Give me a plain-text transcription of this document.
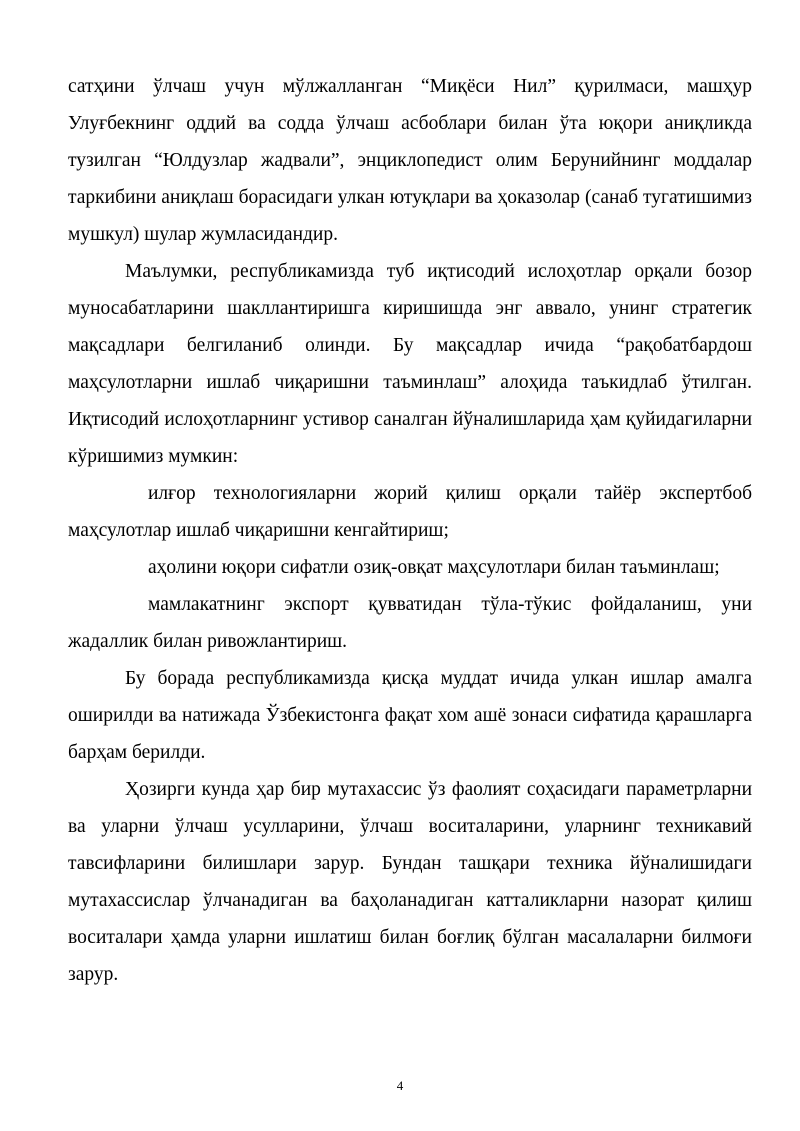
сатҳини ўлчаш учун мўлжалланган “Миқёси Нил” қурилмаси, машҳур Улуғбекнинг оддий ва содда ўлчаш асбоблари билан ўта юқори аниқликда тузилган “Юлдузлар жадвали”, энциклопедист олим Берунийнинг моддалар таркибини аниқлаш борасидаги улкан ютуқлари ва ҳоказолар (санаб тугатишимиз мушкул) шулар жумласидандир.

Маълумки, республикамизда туб иқтисодий ислоҳотлар орқали бозор муносабатларини шакллантиришга киришишда энг аввало, унинг стратегик мақсадлари белгиланиб олинди. Бу мақсадлар ичида “рақобатбардош маҳсулотларни ишлаб чиқаришни таъминлаш” алоҳида таъкидлаб ўтилган. Иқтисодий ислоҳотларнинг устивор саналган йўналишларида ҳам қуйидагиларни кўришимиз мумкин:

илғор технологияларни жорий қилиш орқали тайёр экспертбоб маҳсулотлар ишлаб чиқаришни кенгайтириш;

аҳолини юқори сифатли озиқ-овқат маҳсулотлари билан таъминлаш;

мамлакатнинг экспорт қувватидан тўла-тўкис фойдаланиш, уни жадаллик билан ривожлантириш.

Бу борада республикамизда қисқа муддат ичида улкан ишлар амалга оширилди ва натижада Ўзбекистонга фақат хом ашё зонаси сифатида қарашларга барҳам берилди.

Ҳозирги кунда ҳар бир мутахассис ўз фаолият соҳасидаги параметрларни ва уларни ўлчаш усулларини, ўлчаш воситаларини, уларнинг техникавий тавсифларини билишлари зарур. Бундан ташқари техника йўналишидаги мутахассислар ўлчанадиган ва баҳоланадиган катталикларни назорат қилиш воситалари ҳамда уларни ишлатиш билан боғлиқ бўлган масалаларни билмоғи зарур.

4
